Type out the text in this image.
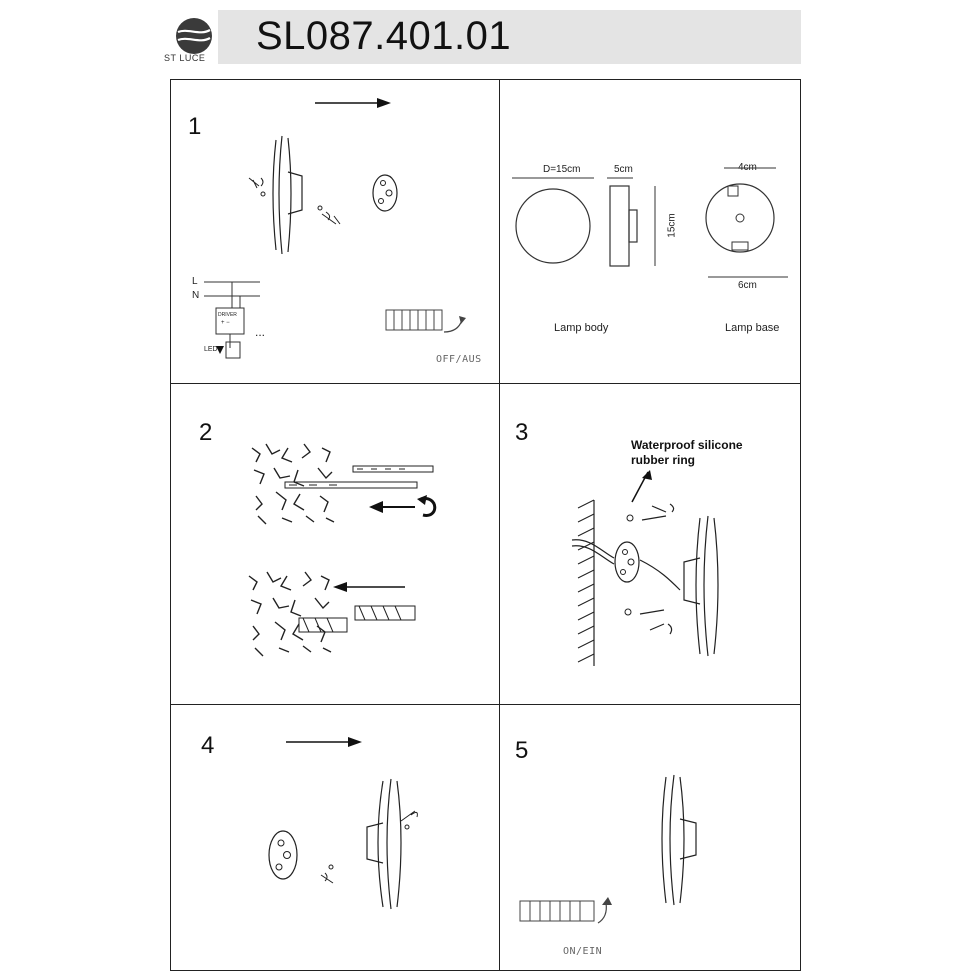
ST LUCE SL087.401.01
1
L
N
DRIVER
+ −
LED
...
OFF/AUS
D=15cm	5cm
15cm
4cm
6cm
Lamp body	Lamp base
2	3	Waterproof silicone
rubber ring
4	5
ON/EIN
